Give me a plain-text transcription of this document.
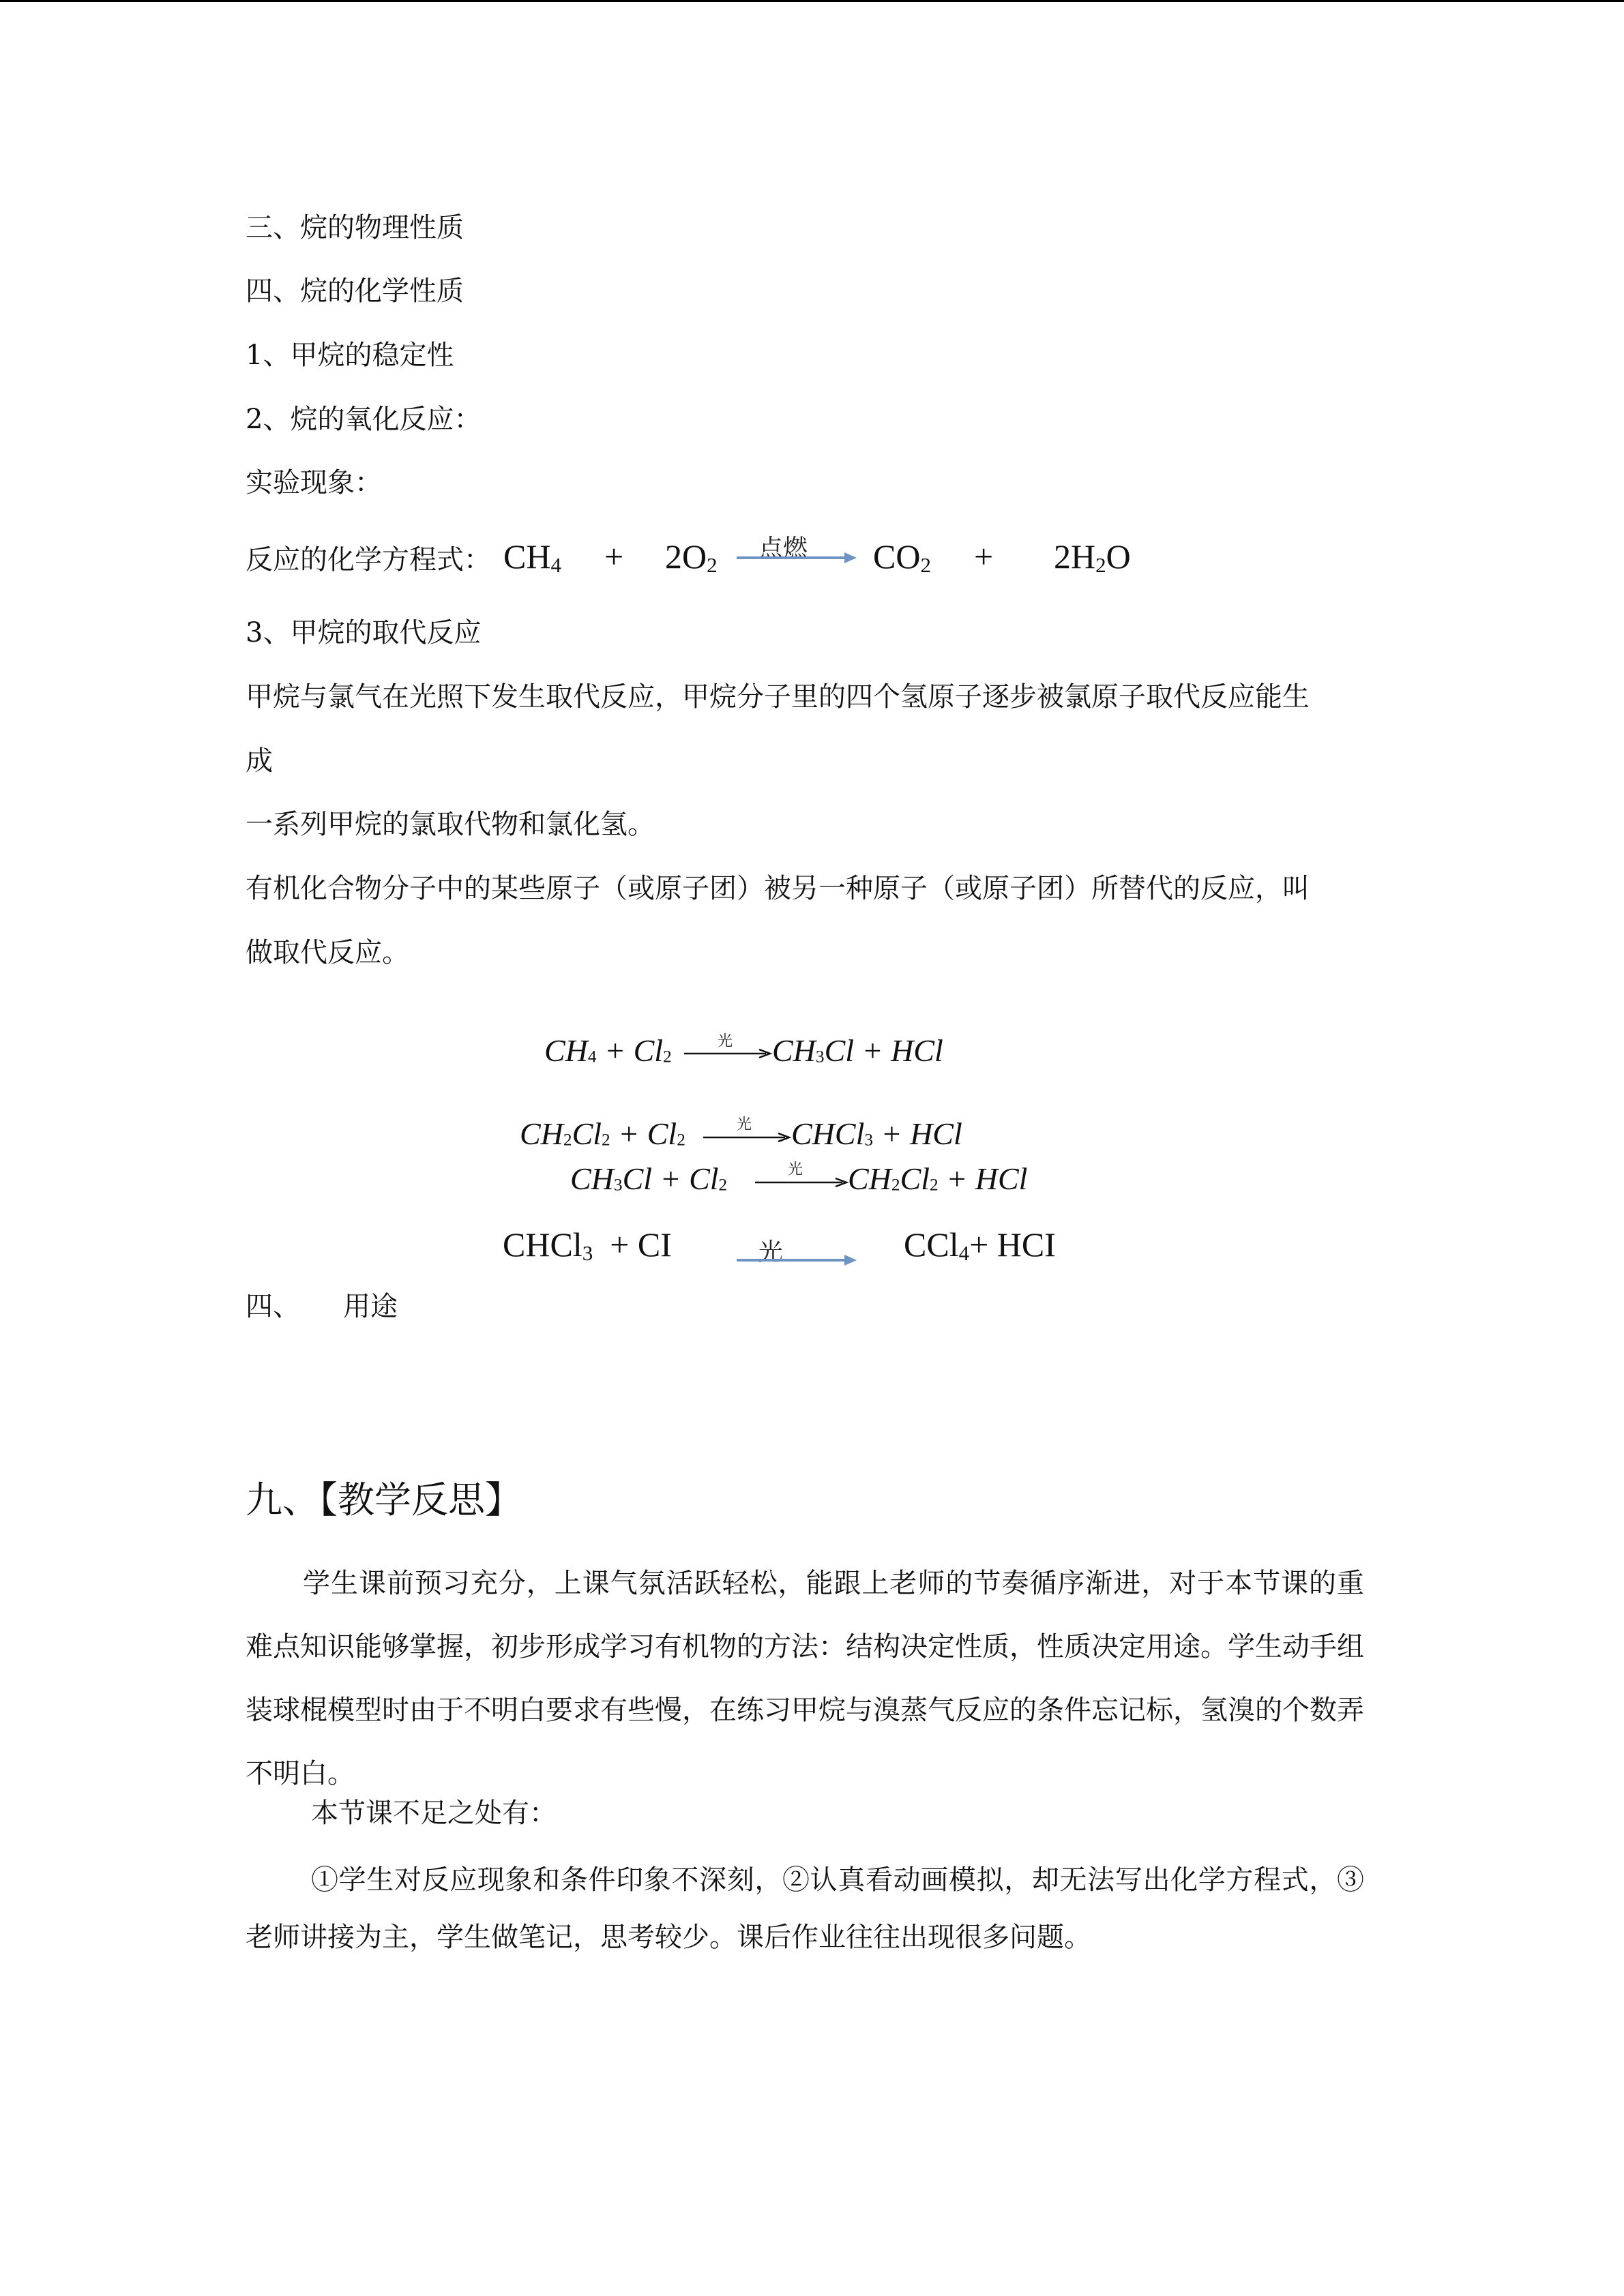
三、烷的物理性质
四、烷的化学性质
1、甲烷的稳定性
2、烷的氧化反应：
实验现象：
反应的化学方程式： $CH_4 + 2O_2$
点燃 $CO_2 + 2H_2O$
3、甲烷的取代反应
甲烷与氯气在光照下发生取代反应，甲烷分子里的四个氢原子逐步被氯原子取代反应能生
成
一系列甲烷的氯取代物和氯化氢。
有机化合物分子中的某些原子（或原子团）被另一种原子（或原子团）所替代的反应，叫
做取代反应。
CH4 + Cl2
光 CH3Cl + HCl
CH2Cl2 + Cl2
光 CHCl3 + HCl
CH3Cl + Cl2
光 CH2Cl2 + HCl
CHCl$_3$ + CI	光	CCl$_4$+ HCI
四、 用途
九、【教学反思】
学生课前预习充分，上课气氛活跃轻松，能跟上老师的节奏循序渐进，对于本节课的重难点知识能够掌握，初步形成学习有机物的方法：结构决定性质，性质决定用途。学生动手组装球棍模型时由于不明白要求有些慢，在练习甲烷与溴蒸气反应的条件忘记标，氢溴的个数弄不明白。
本节课不足之处有：
①学生对反应现象和条件印象不深刻，②认真看动画模拟，却无法写出化学方程式，③老师讲接为主，学生做笔记，思考较少。课后作业往往出现很多问题。
